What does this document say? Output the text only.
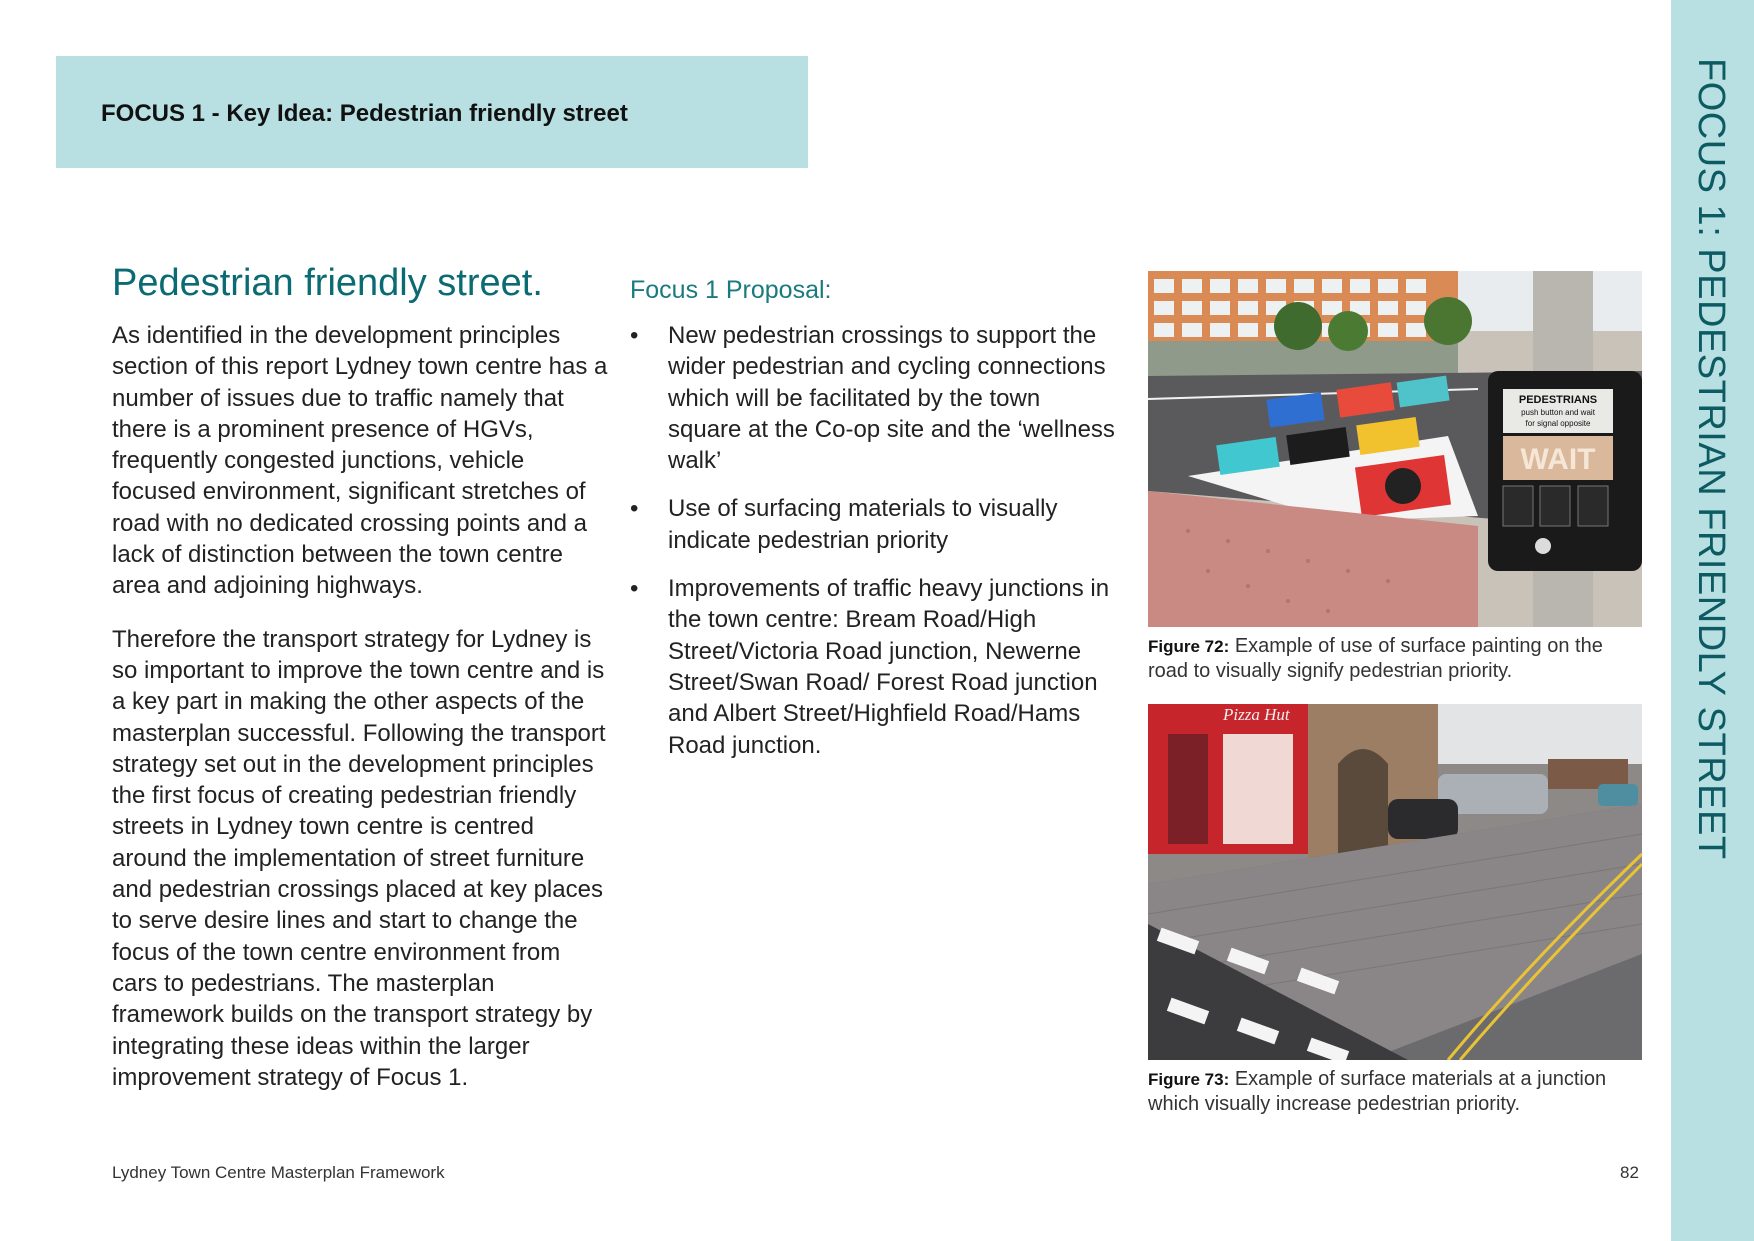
FOCUS 1 - Key Idea: Pedestrian friendly street	FOCUS 1: PEDESTRIAN FRIENDLY STREET
Pedestrian friendly street.

As identified in the development principles section of this report Lydney town centre has a number of issues due to traffic namely that there is a prominent presence of HGVs, frequently congested junctions, vehicle focused environment, significant stretches of road with no dedicated crossing points and a lack of distinction between the town centre area and adjoining highways.

Therefore the transport strategy for Lydney is so important to improve the town centre and is a key part in making the other aspects of the masterplan successful. Following the transport strategy set out in the development principles the first focus of creating pedestrian friendly streets in Lydney town centre is centred around the implementation of street furniture and pedestrian crossings placed at key places to serve desire lines and start to change the focus of the town centre environment from cars to pedestrians. The masterplan framework builds on the transport strategy by integrating these ideas within the larger improvement strategy of Focus 1.

Focus 1 Proposal:
• New pedestrian crossings to support the wider pedestrian and cycling connections which will be facilitated by the town square at the Co-op site and the ‘wellness walk’
• Use of surfacing materials to visually indicate pedestrian priority
• Improvements of traffic heavy junctions in the town centre: Bream Road/High Street/Victoria Road junction, Newerne Street/Swan Road/ Forest Road junction and Albert Street/Highfield Road/Hams Road junction.
PEDESTRIANS
push button and wait
for signal opposite
WAIT
Figure 72: Example of use of surface painting on the road to visually signify pedestrian priority.
Pizza Hut
Figure 73: Example of surface materials at a junction which visually increase pedestrian priority.
Lydney Town Centre Masterplan Framework	82
